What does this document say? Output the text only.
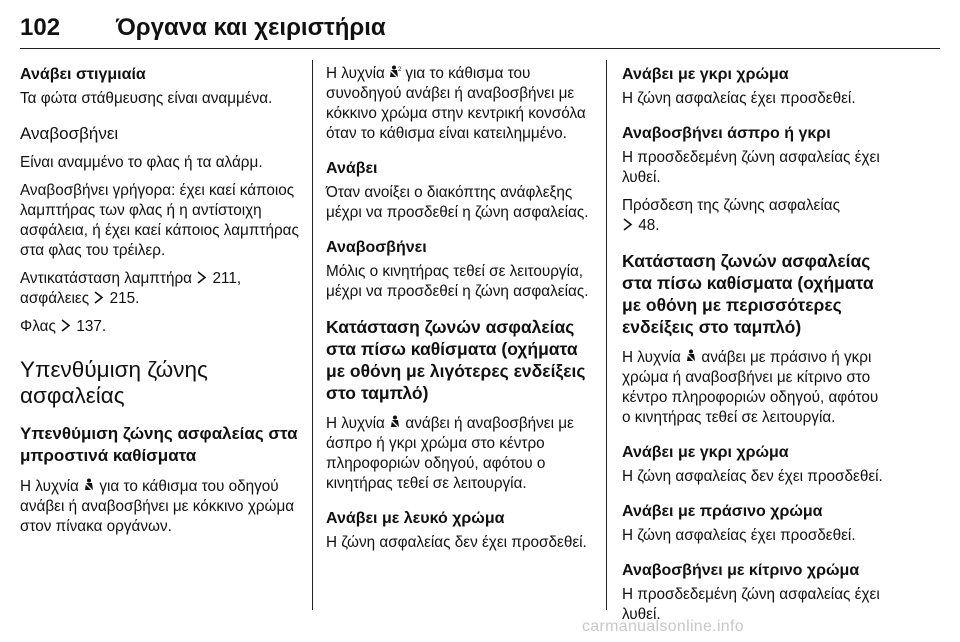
102 Όργανα και χειριστήρια

Ανάβει στιγμιαία

Τα φώτα στάθμευσης είναι αναμμένα.

Αναβοσβήνει

Είναι αναμμένο το φλας ή τα αλάρμ.

Αναβοσβήνει γρήγορα: έχει καεί κάποιος λαμπτήρας των φλας ή η αντίστοιχη ασφάλεια, ή έχει καεί κάποιος λαμπτήρας στα φλας του τρέιλερ.

Αντικατάσταση λαμπτήρα 211,
ασφάλειες 215.

Φλας 137.

Υπενθύμιση ζώνης ασφαλείας

Υπενθύμιση ζώνης ασφαλείας στα μπροστινά καθίσματα

Η λυχνία για το κάθισμα του οδηγού ανάβει ή αναβοσβήνει με κόκκινο χρώμα στον πίνακα οργάνων.

Η λυχνία 2 για το κάθισμα του συνοδηγού ανάβει ή αναβοσβήνει με κόκκινο χρώμα στην κεντρική κονσόλα όταν το κάθισμα είναι κατειλημμένο.

Ανάβει

Όταν ανοίξει ο διακόπτης ανάφλεξης μέχρι να προσδεθεί η ζώνη ασφαλείας.

Αναβοσβήνει

Μόλις ο κινητήρας τεθεί σε λειτουργία, μέχρι να προσδεθεί η ζώνη ασφαλείας.

Κατάσταση ζωνών ασφαλείας στα πίσω καθίσματα (οχήματα με οθόνη με λιγότερες ενδείξεις στο ταμπλό)

Η λυχνία ανάβει ή αναβοσβήνει με άσπρο ή γκρι χρώμα στο κέντρο πληροφοριών οδηγού, αφότου ο κινητήρας τεθεί σε λειτουργία.

Ανάβει με λευκό χρώμα

Η ζώνη ασφαλείας δεν έχει προσδεθεί.

Ανάβει με γκρι χρώμα

Η ζώνη ασφαλείας έχει προσδεθεί.

Αναβοσβήνει άσπρο ή γκρι

Η προσδεδεμένη ζώνη ασφαλείας έχει λυθεί.

Πρόσδεση της ζώνης ασφαλείας
48.

Κατάσταση ζωνών ασφαλείας στα πίσω καθίσματα (οχήματα με οθόνη με περισσότερες ενδείξεις στο ταμπλό)

Η λυχνία ανάβει με πράσινο ή γκρι χρώμα ή αναβοσβήνει με κίτρινο στο κέντρο πληροφοριών οδηγού, αφότου ο κινητήρας τεθεί σε λειτουργία.

Ανάβει με γκρι χρώμα

Η ζώνη ασφαλείας δεν έχει προσδεθεί.

Ανάβει με πράσινο χρώμα

Η ζώνη ασφαλείας έχει προσδεθεί.

Αναβοσβήνει με κίτρινο χρώμα

Η προσδεδεμένη ζώνη ασφαλείας έχει λυθεί.

carmanualsonline.info
